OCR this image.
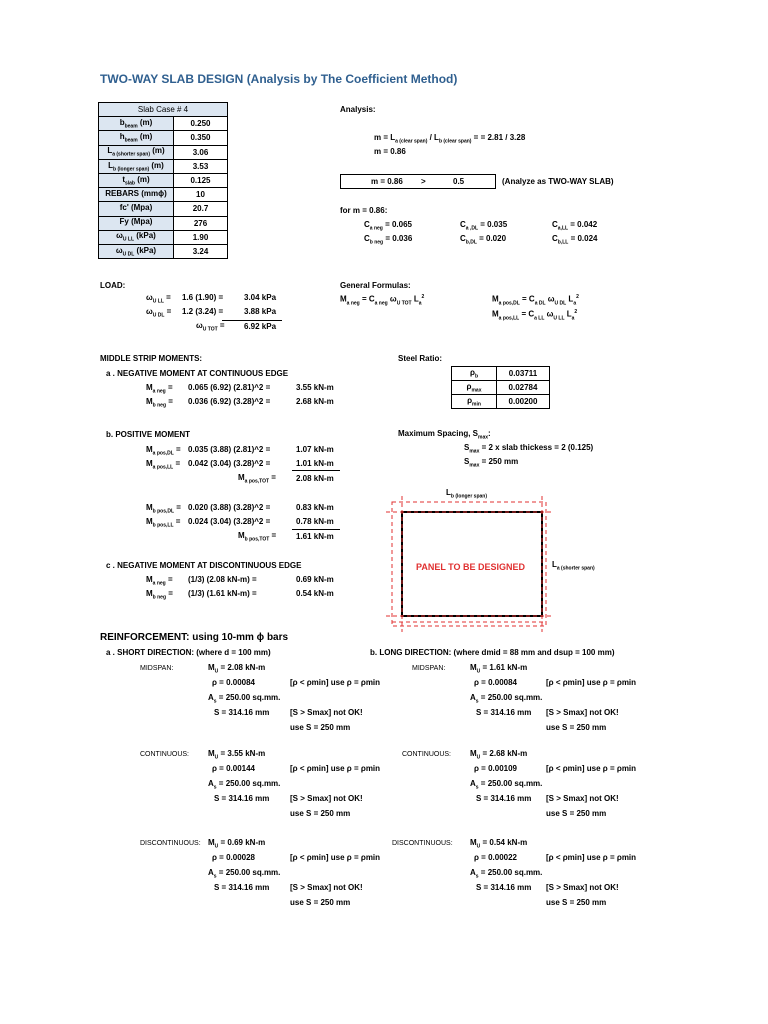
TWO-WAY SLAB DESIGN (Analysis by The Coefficient Method)
Slab Case # 4	
$b_{beam}$ (m)	0.250
$h_{beam}$ (m)	0.350
$L_{a (shorter span)}$ (m)	3.06
$L_{b (longer span)}$ (m)	3.53
$t_{slab}$ (m)	0.125
REBARS (mmϕ)	10
fc' (Mpa)	20.7
Fy (Mpa)	276
$\omega_{U LL}$ (kPa)	1.90
$\omega_{U DL}$ (kPa)	3.24
Analysis:
$m = L_{a (clear span)} / L_{b (clear span)}$ = = 2.81 / 3.28
m = 0.86
m = 0.86 >	0.5	(Analyze as TWO-WAY SLAB)
for m = 0.86:
$C_{a neg} = 0.065$	$C_{a ,DL} = 0.035$	$C_{a,LL} = 0.042$
$C_{b neg} = 0.036$	$C_{b,DL} = 0.020$	$C_{b,LL} = 0.024$
LOAD:
$\omega_{U LL} = 1.6$ (1.90) =	3.04 kPa
$\omega_{U DL} = 1.2$ (3.24) =	3.88 kPa
$\omega_{U TOT} = 6.92$ kPa
General Formulas:
$M_{a neg} = C_{a neg}$ $\omega_{U TOT}$ $L_a^2$	$M_{a pos,DL} = C_{a DL}$ $\omega_{U DL}$ $L_a^2$
$M_{a pos,LL} = C_{a LL}$ $\omega_{U LL}$ $L_a^2$
MIDDLE STRIP MOMENTS:
a . NEGATIVE MOMENT AT CONTINUOUS EDGE
$M_{a neg} = 0.065$ (6.92) (2.81)^2 =	3.55 kN-m
$M_{b neg} = 0.036$ (6.92) (3.28)^2 =	2.68 kN-m
b. POSITIVE MOMENT
$M_{a pos,DL} = 0.035$ (3.88) (2.81)^2 =	1.07 kN-m
$M_{a pos,LL} = 0.042$ (3.04) (3.28)^2 =	1.01 kN-m
$M_{a pos,TOT}$ =	2.08 kN-m
$M_{b pos,DL} = 0.020$ (3.88) (3.28)^2 =	0.83 kN-m
$M_{b pos,LL} = 0.024$ (3.04) (3.28)^2 =	0.78 kN-m
$M_{b pos,TOT} = 1.61$ kN-m
c . NEGATIVE MOMENT AT DISCONTINUOUS EDGE
$M_{a neg} = (1/3)$ (2.08 kN-m) =	0.69 kN-m
$M_{b neg} = (1/3)$ (1.61 kN-m) =	0.54 kN-m
Steel Ratio:
$\rho_b$	0.03711
$\rho_{max}$	0.02784
$\rho_{min}$	0.00200
Maximum Spacing, $S_{max}$:
$S_{max} = 2$ x slab thickess = 2 (0.125)
$S_{max} = 250$ mm
$L_{b (longer span)}$
PANEL TO BE DESIGNED	$L_{a (shorter span)}$
REINFORCEMENT: using 10-mm ϕ bars
a . SHORT DIRECTION: (where d = 100 mm)	b. LONG DIRECTION: (where dmid = 88 mm and dsup = 100 mm)
MIDSPAN:	$M_U = 2.08$ kN-m
ρ = 0.00084	[ρ < ρmin] use ρ = ρmin
$A_s = 250.00$ sq.mm.
S = 314.16 mm	[S > Smax] not OK!
use S = 250 mm
MIDSPAN:	$M_U = 1.61$ kN-m
ρ = 0.00084	[ρ < ρmin] use ρ = ρmin
$A_s = 250.00$ sq.mm.
S = 314.16 mm [S > Smax] not OK!
use S = 250 mm
CONTINUOUS: $M_U = 3.55$ kN-m
ρ = 0.00144	[ρ < ρmin] use ρ = ρmin
$A_s = 250.00$ sq.mm.
S = 314.16 mm	[S > Smax] not OK!
use S = 250 mm
CONTINUOUS: $M_U = 2.68$ kN-m
ρ = 0.00109	[ρ < ρmin] use ρ = ρmin
$A_s = 250.00$ sq.mm.
S = 314.16 mm [S > Smax] not OK!
use S = 250 mm
DISCONTINUOUS: $M_U = 0.69$ kN-m
ρ = 0.00028	[ρ < ρmin] use ρ = ρmin
$A_s = 250.00$ sq.mm.
S = 314.16 mm	[S > Smax] not OK!
use S = 250 mm
DISCONTINUOUS: $M_U = 0.54$ kN-m
ρ = 0.00022	[ρ < ρmin] use ρ = ρmin
$A_s = 250.00$ sq.mm.
S = 314.16 mm [S > Smax] not OK!
use S = 250 mm
